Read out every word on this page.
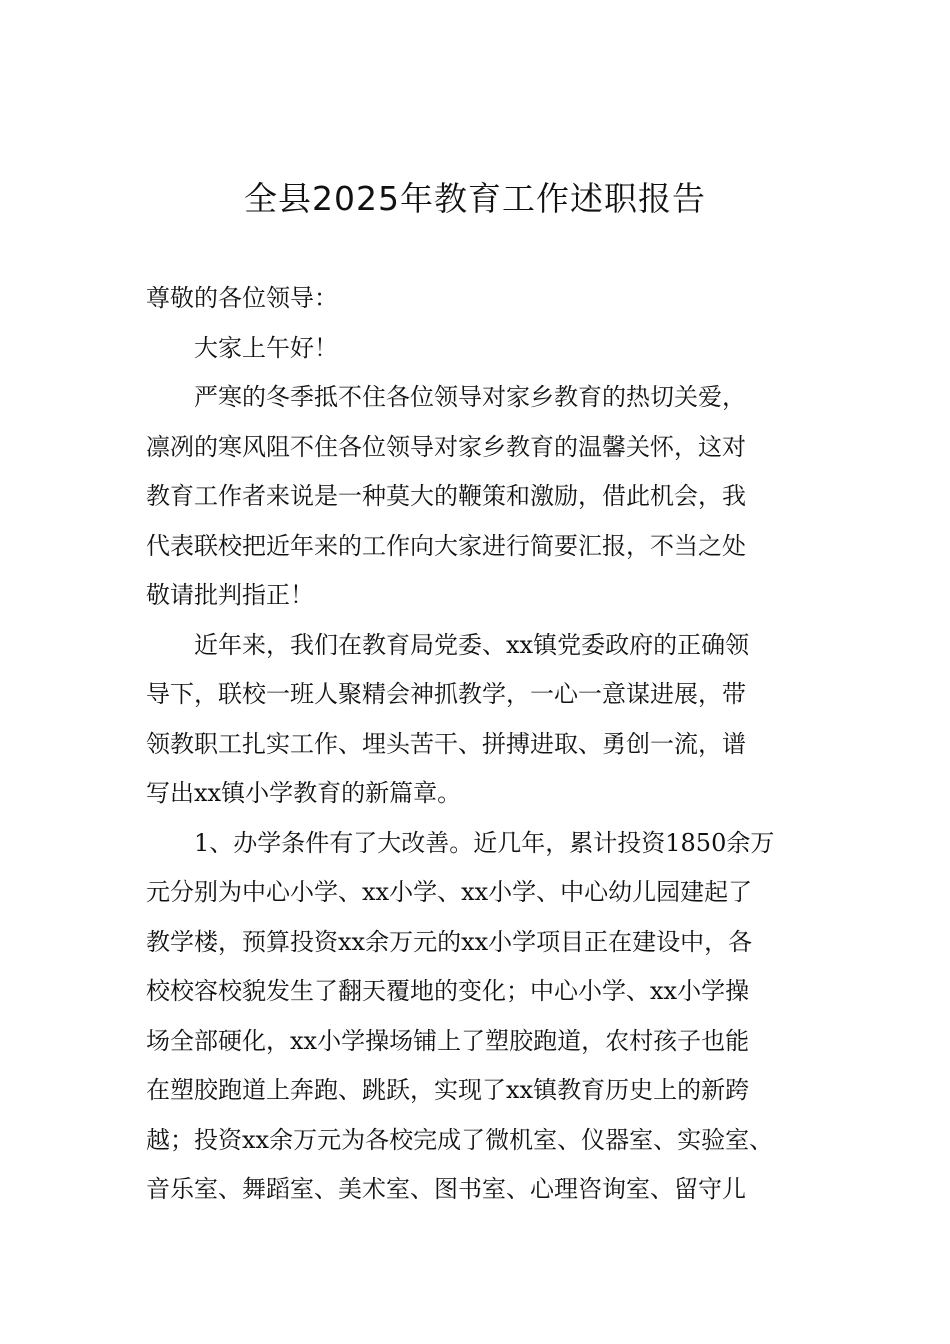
全县2025年教育工作述职报告

尊敬的各位领导：

大家上午好！

严寒的冬季抵不住各位领导对家乡教育的热切关爱，
凛冽的寒风阻不住各位领导对家乡教育的温馨关怀，这对
教育工作者来说是一种莫大的鞭策和激励，借此机会，我
代表联校把近年来的工作向大家进行简要汇报，不当之处
敬请批判指正！

近年来，我们在教育局党委、xx镇党委政府的正确领
导下，联校一班人聚精会神抓教学，一心一意谋进展，带
领教职工扎实工作、埋头苦干、拼搏进取、勇创一流，谱
写出xx镇小学教育的新篇章。

1、办学条件有了大改善。近几年，累计投资1850余万
元分别为中心小学、xx小学、xx小学、中心幼儿园建起了
教学楼，预算投资xx余万元的xx小学项目正在建设中，各
校校容校貌发生了翻天覆地的变化；中心小学、xx小学操
场全部硬化，xx小学操场铺上了塑胶跑道，农村孩子也能
在塑胶跑道上奔跑、跳跃，实现了xx镇教育历史上的新跨
越；投资xx余万元为各校完成了微机室、仪器室、实验室、
音乐室、舞蹈室、美术室、图书室、心理咨询室、留守儿
